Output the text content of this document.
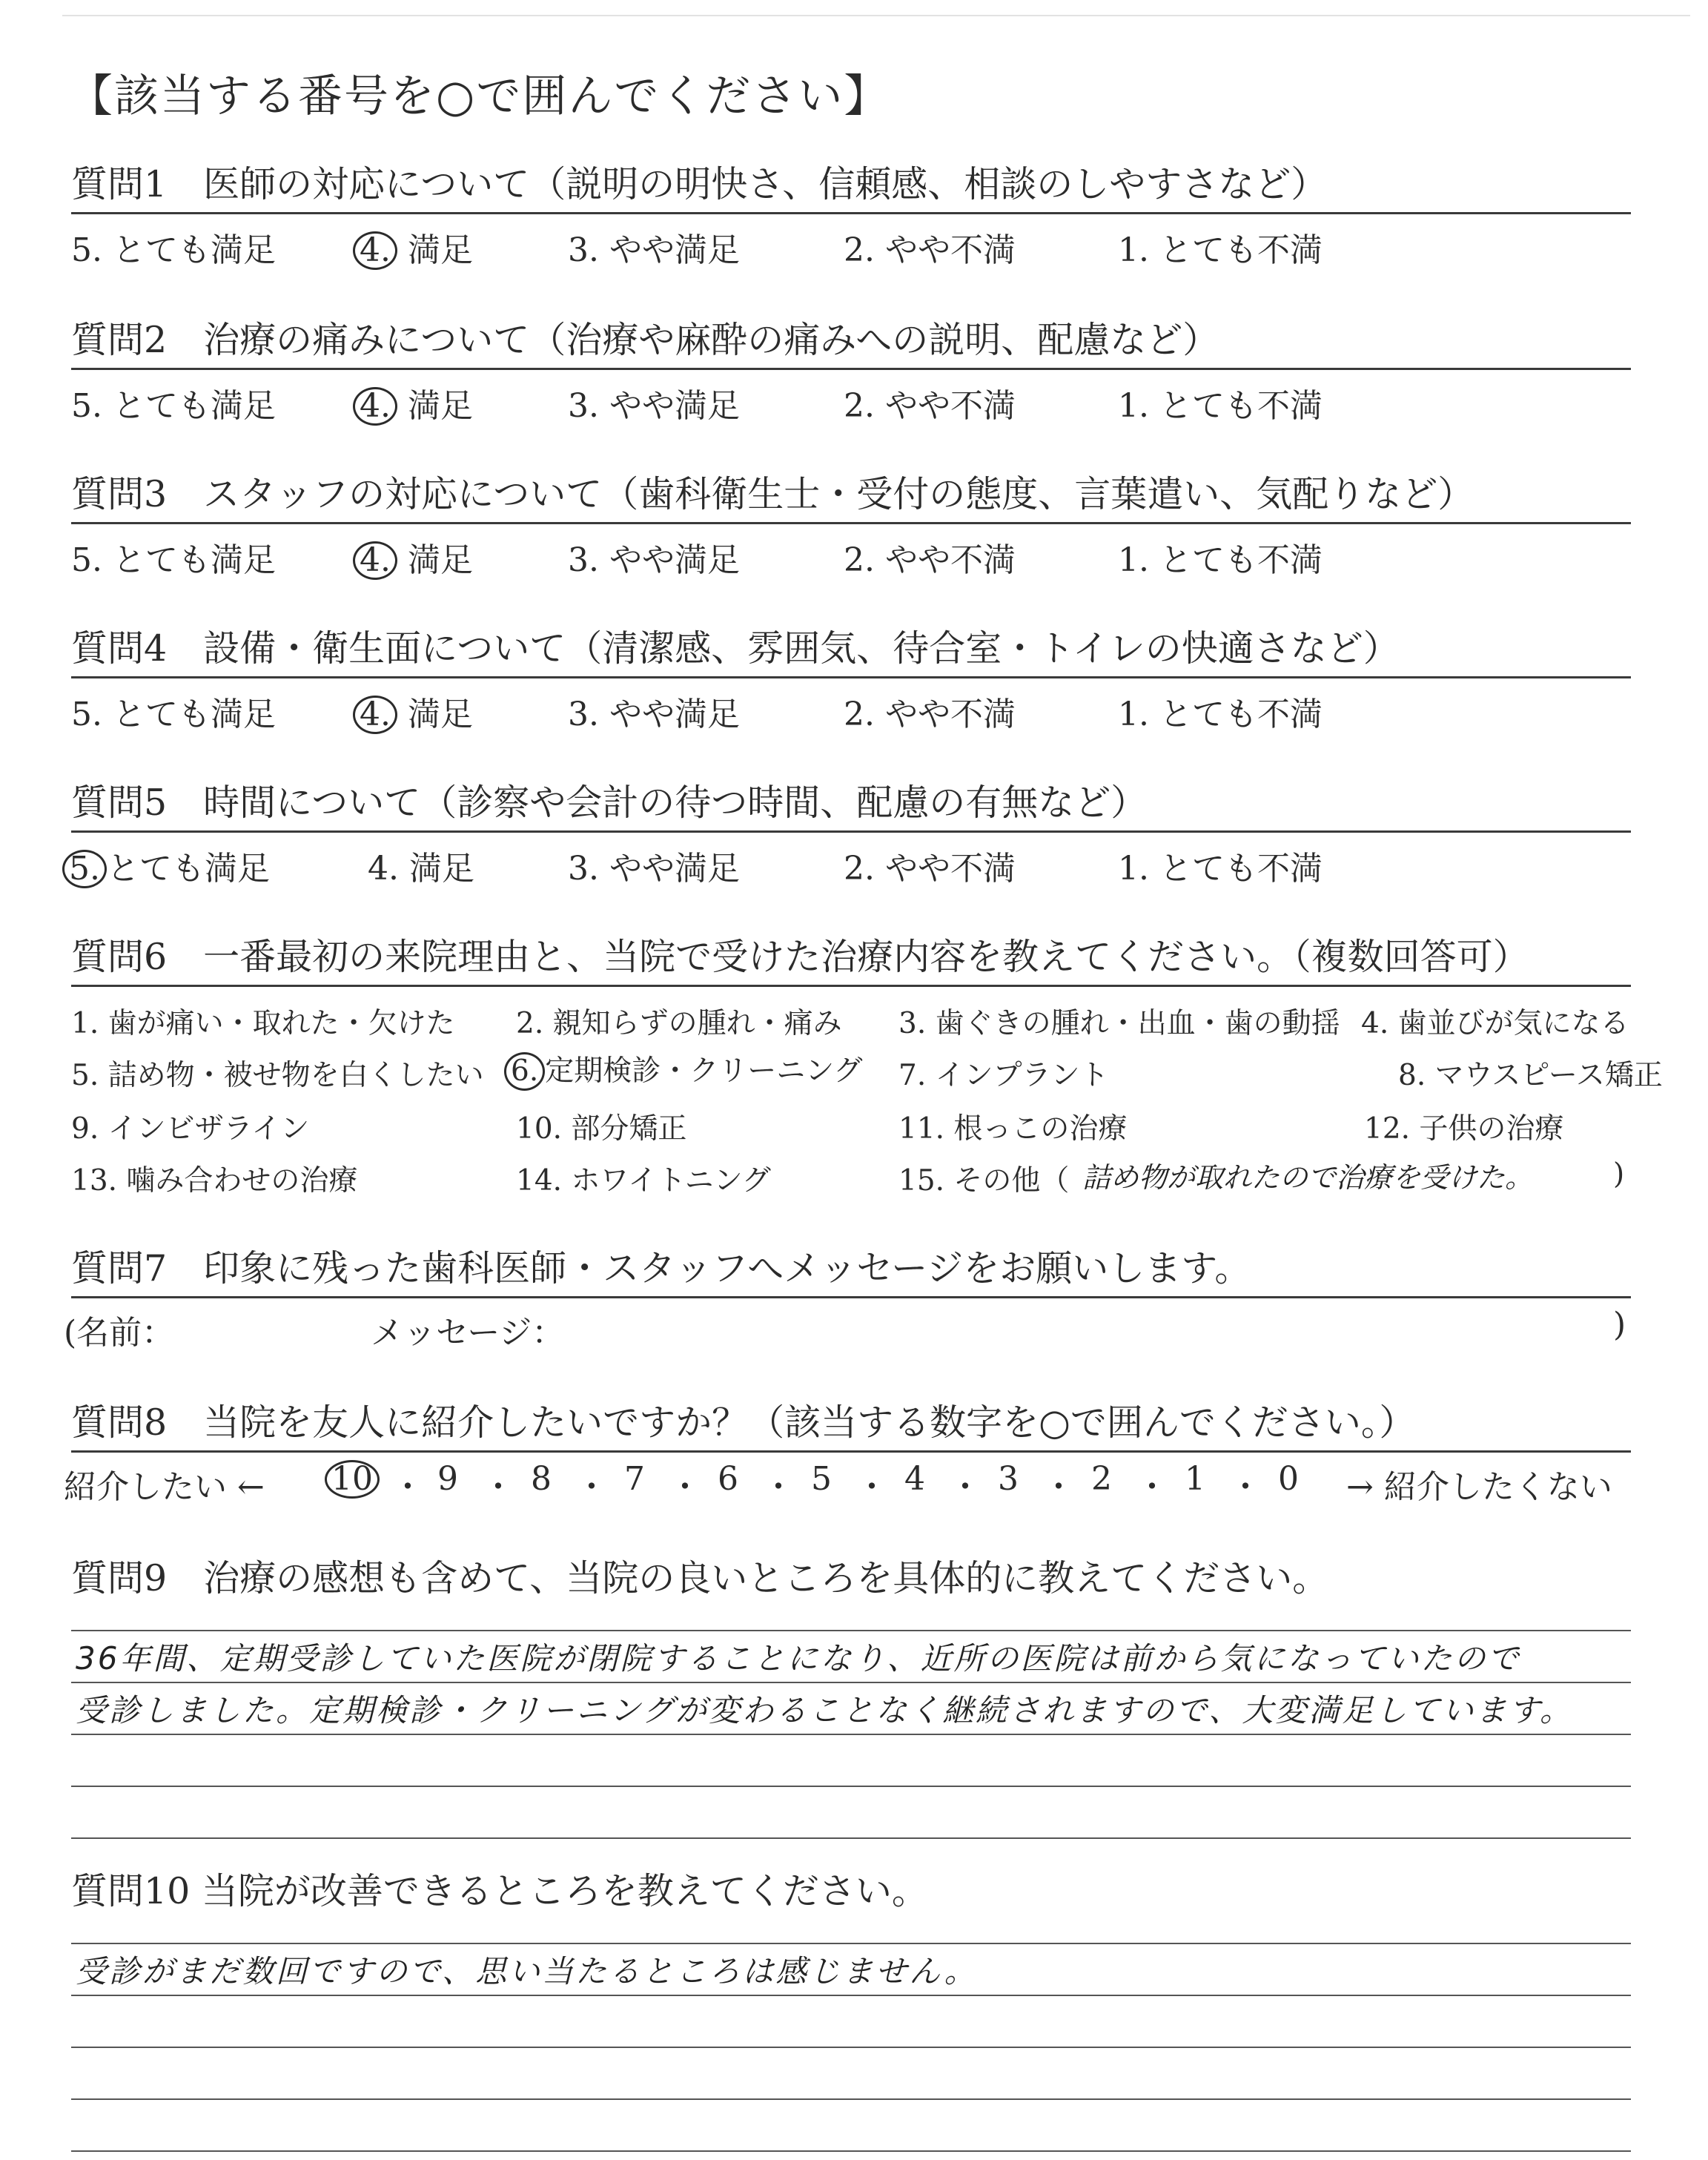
【該当する番号を○で囲んでください】
質問1　医師の対応について（説明の明快さ、信頼感、相談のしやすさなど）
5. とても満足	4. 満足	3. やや満足	2. やや不満	1. とても不満
質問2　治療の痛みについて（治療や麻酔の痛みへの説明、配慮など）
5. とても満足	4. 満足	3. やや満足	2. やや不満	1. とても不満
質問3　スタッフの対応について（歯科衛生士・受付の態度、言葉遣い、気配りなど）
5. とても満足	4. 満足	3. やや満足	2. やや不満	1. とても不満
質問4　設備・衛生面について（清潔感、雰囲気、待合室・トイレの快適さなど）
5. とても満足	4. 満足	3. やや満足	2. やや不満	1. とても不満
質問5　時間について（診察や会計の待つ時間、配慮の有無など）
5. とても満足	4. 満足	3. やや満足	2. やや不満	1. とても不満
質問6　一番最初の来院理由と、当院で受けた治療内容を教えてください。（複数回答可）
1. 歯が痛い・取れた・欠けた 2. 親知らずの腫れ・痛み 3. 歯ぐきの腫れ・出血・歯の動揺 4. 歯並びが気になる
5. 詰め物・被せ物を白くしたい 6. 定期検診・クリーニング 7. インプラント	8. マウスピース矯正
9. インビザライン	10. 部分矯正	11. 根っこの治療	12. 子供の治療
13. 噛み合わせの治療	14. ホワイトニング	15. その他（ 詰め物が取れたので治療を受けた。	)
質問7　印象に残った歯科医師・スタッフへメッセージをお願いします。
(名前：	メッセージ：	)
質問8　当院を友人に紹介したいですか？（該当する数字を○で囲んでください。）
紹介したい ← 10 ・ 9 ・ 8 ・ 7 ・ 6 ・ 5 ・ 4 ・ 3 ・ 2 ・ 1 ・ 0 → 紹介したくない
質問9　治療の感想も含めて、当院の良いところを具体的に教えてください。
36年間、定期受診していた医院が閉院することになり、近所の医院は前から気になっていたので
受診しました。定期検診・クリーニングが変わることなく継続されますので、大変満足しています。
質問10 当院が改善できるところを教えてください。
受診がまだ数回ですので、思い当たるところは感じません。
